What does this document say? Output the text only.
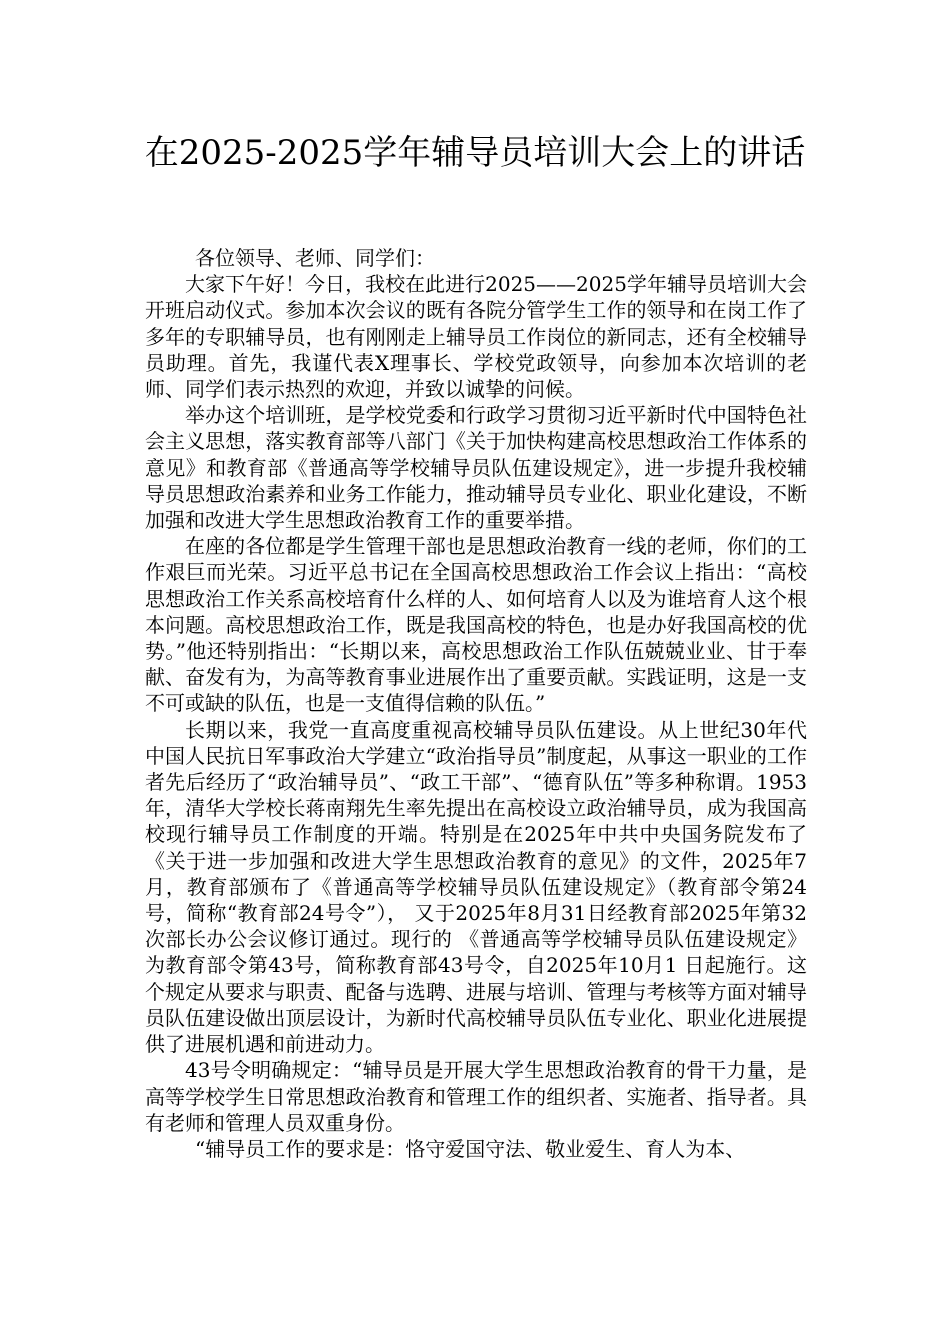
在2025-2025学年辅导员培训大会上的讲话

各位领导、老师、同学们：

大家下午好！今日，我校在此进行2025——2025学年辅导员培训大会开班启动仪式。参加本次会议的既有各院分管学生工作的领导和在岗工作了多年的专职辅导员，也有刚刚走上辅导员工作岗位的新同志，还有全校辅导员助理。首先，我谨代表X理事长、学校党政领导，向参加本次培训的老师、同学们表示热烈的欢迎，并致以诚挚的问候。

举办这个培训班，是学校党委和行政学习贯彻习近平新时代中国特色社会主义思想，落实教育部等八部门《关于加快构建高校思想政治工作体系的意见》和教育部《普通高等学校辅导员队伍建设规定》，进一步提升我校辅导员思想政治素养和业务工作能力，推动辅导员专业化、职业化建设，不断加强和改进大学生思想政治教育工作的重要举措。

在座的各位都是学生管理干部也是思想政治教育一线的老师，你们的工作艰巨而光荣。习近平总书记在全国高校思想政治工作会议上指出：“高校思想政治工作关系高校培育什么样的人、如何培育人以及为谁培育人这个根本问题。高校思想政治工作，既是我国高校的特色，也是办好我国高校的优势。”他还特别指出：“长期以来，高校思想政治工作队伍兢兢业业、甘于奉献、奋发有为，为高等教育事业进展作出了重要贡献。实践证明，这是一支不可或缺的队伍，也是一支值得信赖的队伍。”

长期以来，我党一直高度重视高校辅导员队伍建设。从上世纪30年代中国人民抗日军事政治大学建立“政治指导员”制度起，从事这一职业的工作者先后经历了“政治辅导员”、“政工干部”、“德育队伍”等多种称谓。1953年，清华大学校长蒋南翔先生率先提出在高校设立政治辅导员，成为我国高校现行辅导员工作制度的开端。特别是在2025年中共中央国务院发布了《关于进一步加强和改进大学生思想政治教育的意见》的文件，2025年7月，教育部颁布了《普通高等学校辅导员队伍建设规定》（教育部令第24号，简称“教育部24号令”）， 又于2025年8月31日经教育部2025年第32次部长办公会议修订通过。现行的 《普通高等学校辅导员队伍建设规定》为教育部令第43号，简称教育部43号令，自2025年10月1 日起施行。这个规定从要求与职责、配备与选聘、进展与培训、管理与考核等方面对辅导员队伍建设做出顶层设计，为新时代高校辅导员队伍专业化、职业化进展提供了进展机遇和前进动力。

43号令明确规定：“辅导员是开展大学生思想政治教育的骨干力量，是高等学校学生日常思想政治教育和管理工作的组织者、实施者、指导者。具有老师和管理人员双重身份。

“辅导员工作的要求是：恪守爱国守法、敬业爱生、育人为本、
